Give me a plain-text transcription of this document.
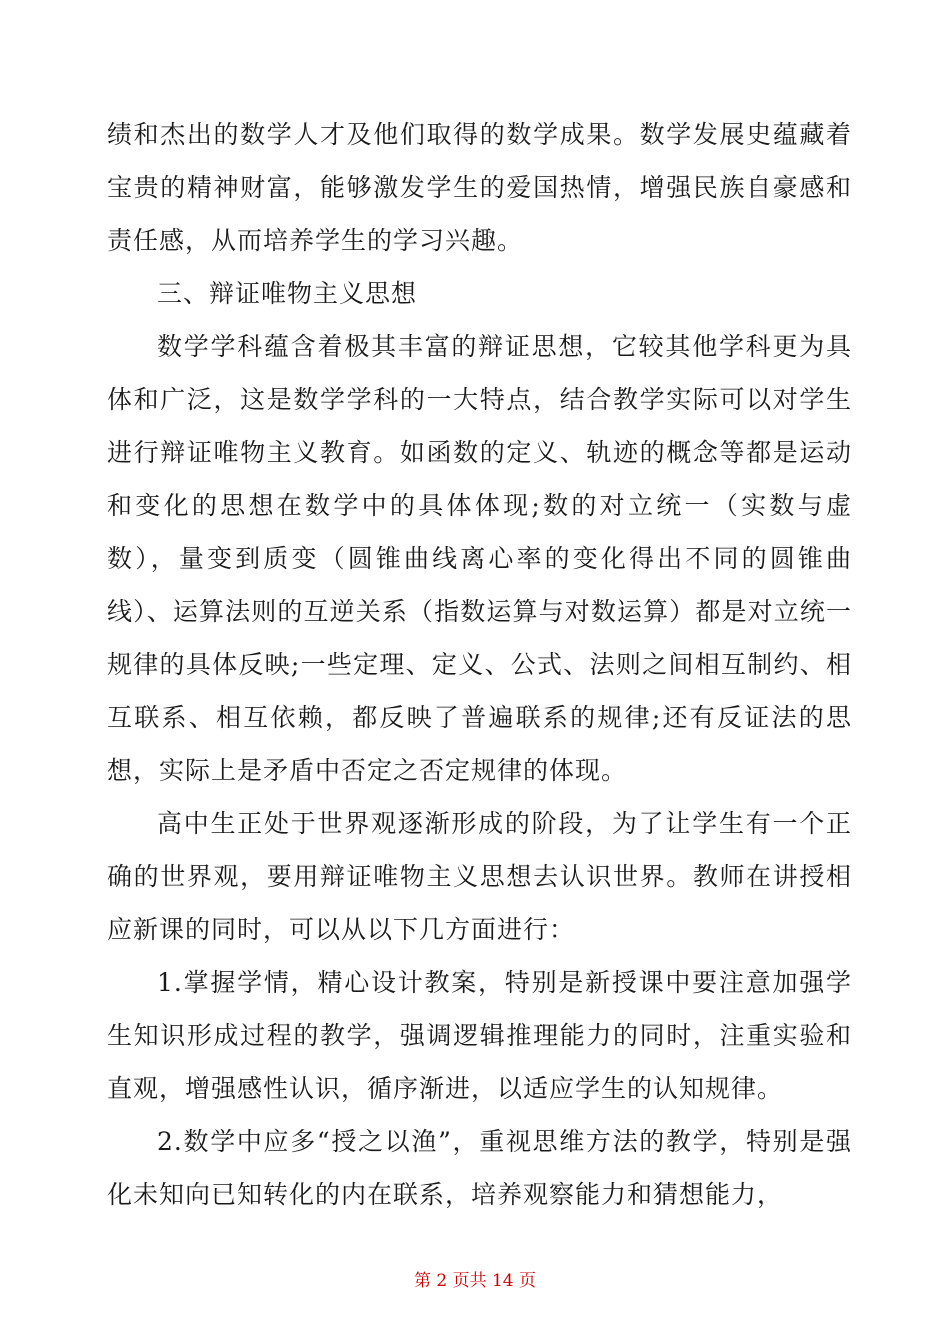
绩和杰出的数学人才及他们取得的数学成果。数学发展史蕴藏着宝贵的精神财富，能够激发学生的爱国热情，增强民族自豪感和责任感，从而培养学生的学习兴趣。

三、辩证唯物主义思想

数学学科蕴含着极其丰富的辩证思想，它较其他学科更为具体和广泛，这是数学学科的一大特点，结合教学实际可以对学生进行辩证唯物主义教育。如函数的定义、轨迹的概念等都是运动和变化的思想在数学中的具体体现;数的对立统一（实数与虚数），量变到质变（圆锥曲线离心率的变化得出不同的圆锥曲线）、运算法则的互逆关系（指数运算与对数运算）都是对立统一规律的具体反映;一些定理、定义、公式、法则之间相互制约、相互联系、相互依赖，都反映了普遍联系的规律;还有反证法的思想，实际上是矛盾中否定之否定规律的体现。

高中生正处于世界观逐渐形成的阶段，为了让学生有一个正确的世界观，要用辩证唯物主义思想去认识世界。教师在讲授相应新课的同时，可以从以下几方面进行：

1.掌握学情，精心设计教案，特别是新授课中要注意加强学生知识形成过程的教学，强调逻辑推理能力的同时，注重实验和直观，增强感性认识，循序渐进，以适应学生的认知规律。

2.数学中应多“授之以渔”，重视思维方法的教学，特别是强化未知向已知转化的内在联系，培养观察能力和猜想能力，

第 2 页共 14 页
